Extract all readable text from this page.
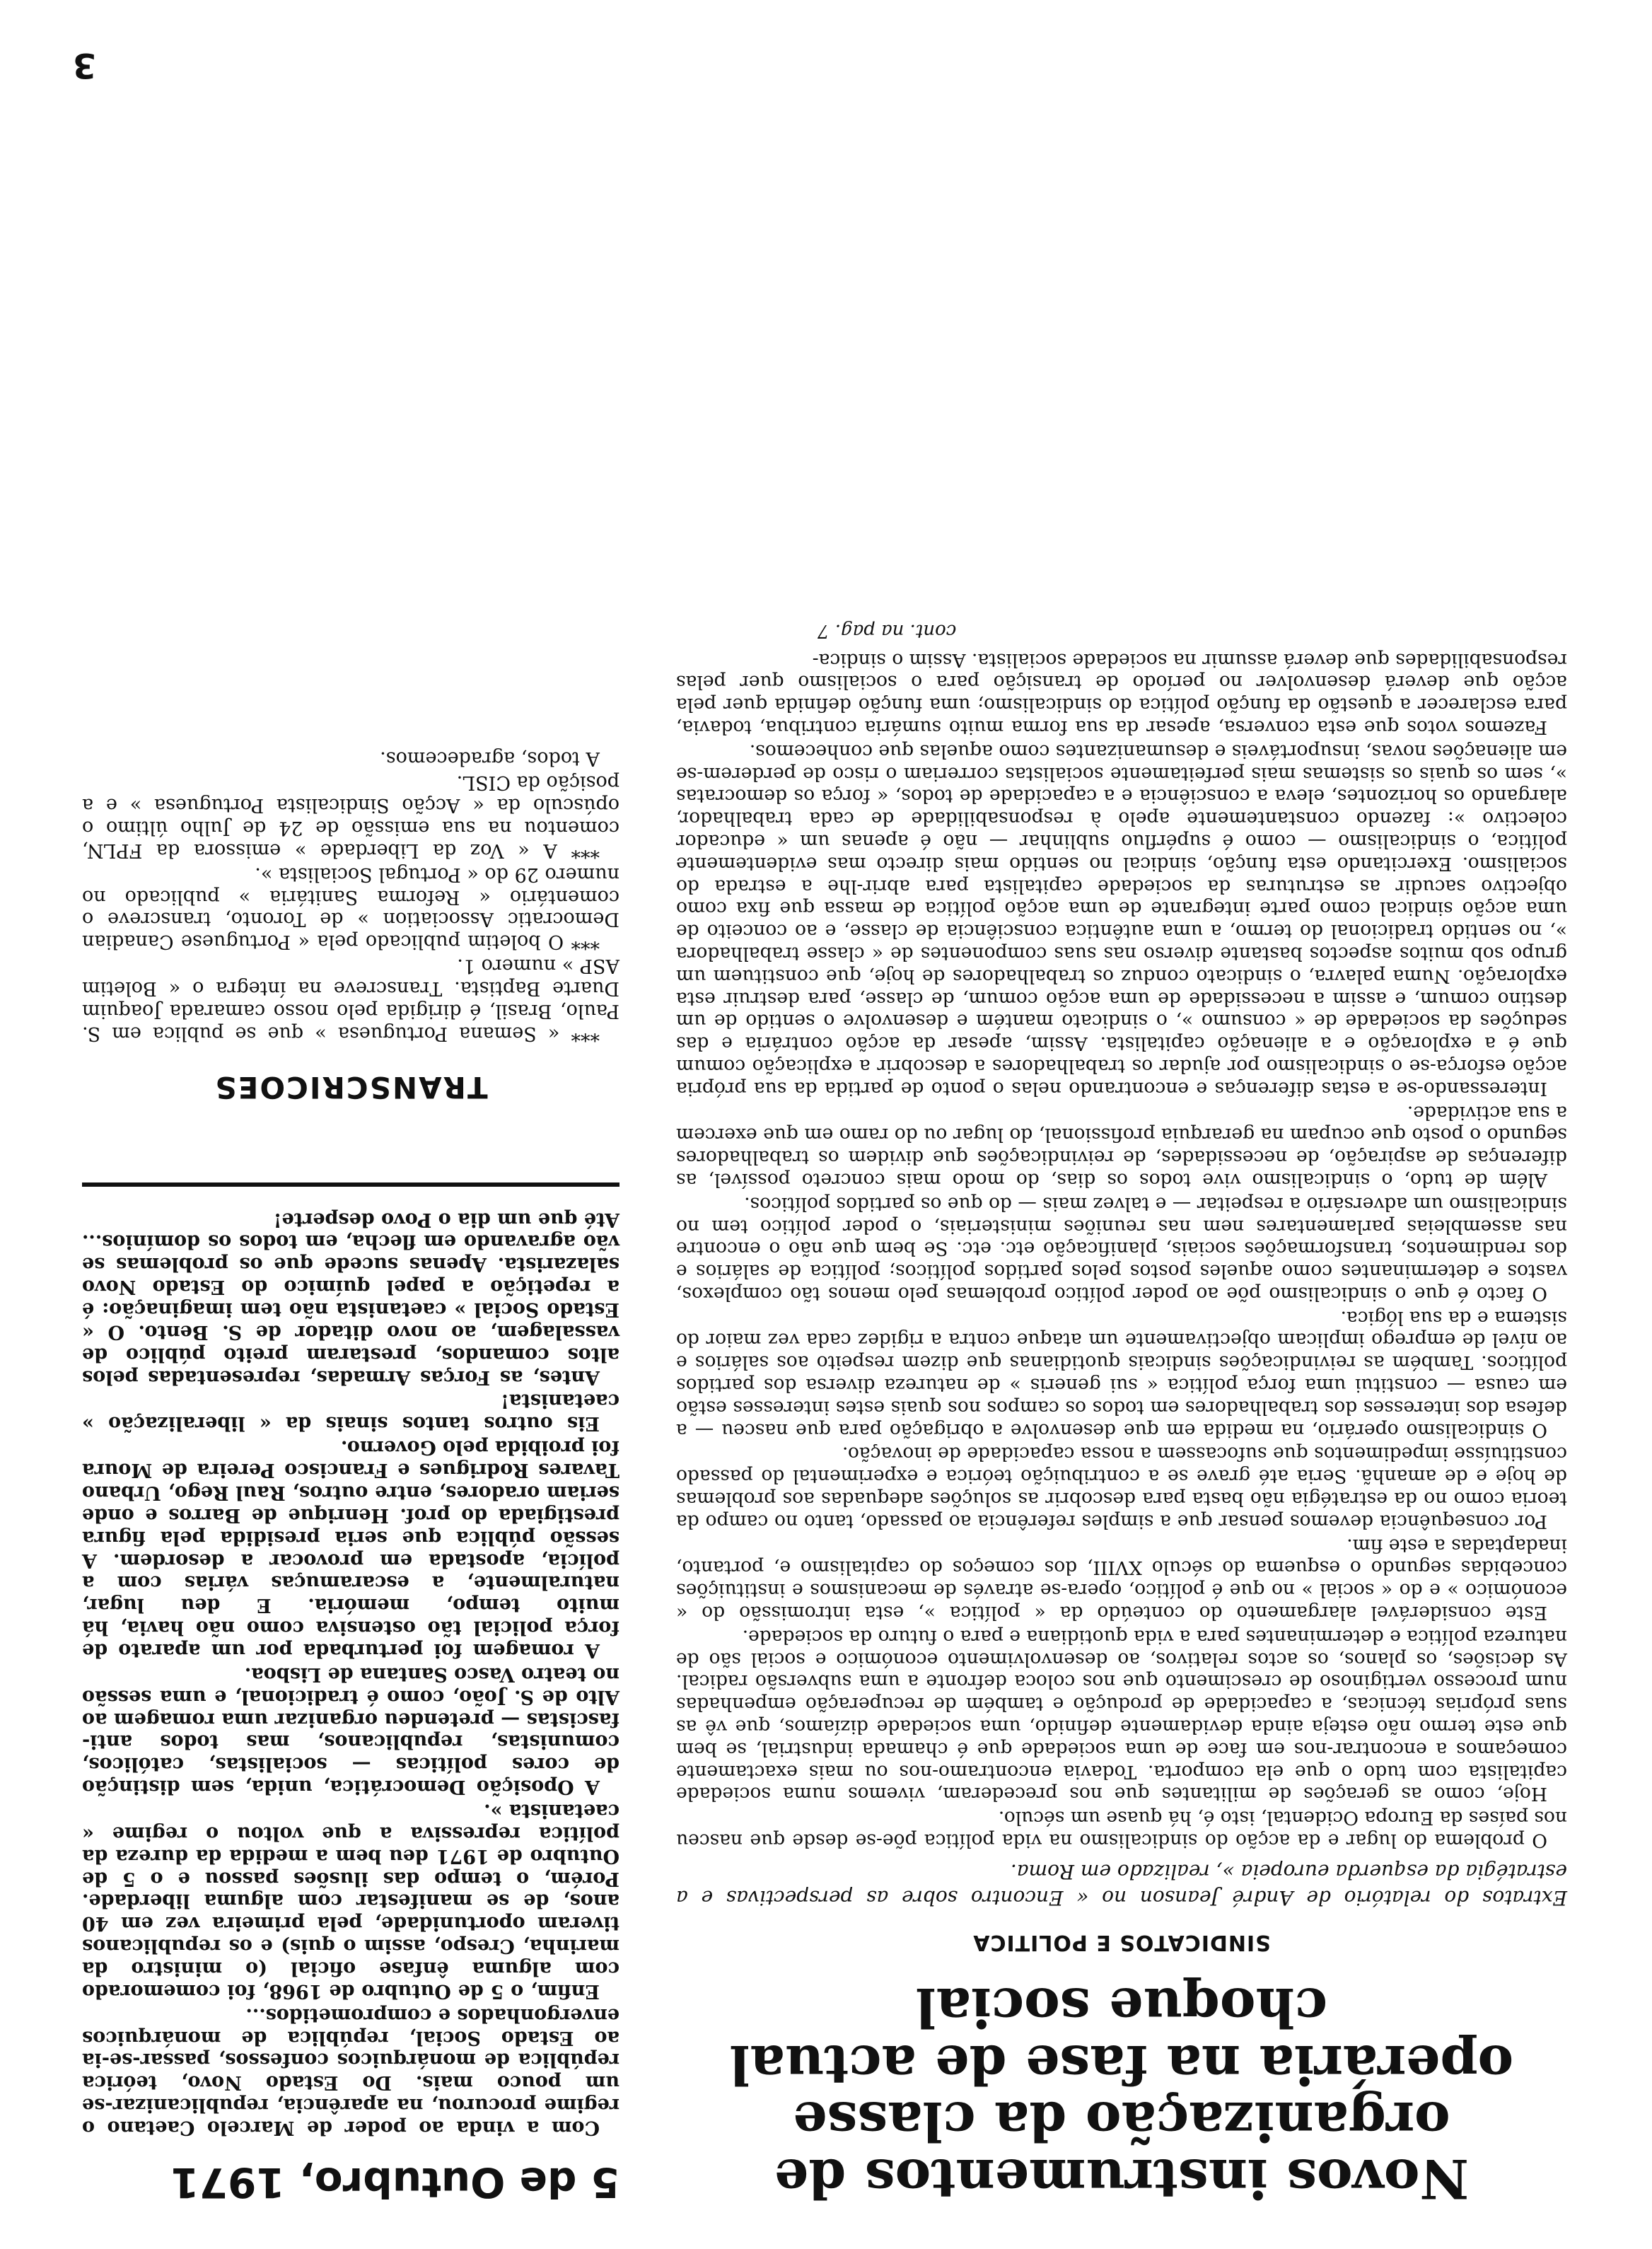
3
Novos instrumentos de organização da classe operária na fase de actual choque social
SINDICATOS E POLITICA

Extratos do relatório de André Jeanson no « Encontro sobre as perspectivas e a estratégia da esquerda europeia », realizado em Roma.

O problema do lugar e da acção do sindicalismo na vida política põe-se desde que nasceu nos países da Europa Ocidental, isto é, há quase um século.

Hoje, como as gerações de militantes que nos precederam, vivemos numa sociedade capitalista com tudo o que ela comporta. Todavia encontramo-nos ou mais exactamente começamos a encontrar-nos em face de uma sociedade que é chamada industrial, se bem que este termo não esteja ainda devidamente definido, uma sociedade dizíamos, que vê as suas próprias técnicas, a capacidade de produção e também de recuperação empenhadas num processo vertiginoso de crescimento que nos coloca defronte a uma subversão radical. As decisões, os planos, os actos relativos, ao desenvolvimento económico e social são de natureza política e determinantes para a vida quotidiana e para o futuro da sociedade.

Este considerável alargamento do conteúdo da « política », esta intromissão do « económico » e do « social » no que é político, opera-se através de mecanismos e instituições concebidas segundo o esquema do século XVIII, dos começos do capitalismo e, portanto, inadaptadas a este fim.

Por consequência devemos pensar que a simples referência ao passado, tanto no campo da teoria como no da estratégia não basta para descobrir as soluções adequadas aos problemas de hoje e de amanhã. Seria até grave se a contribuição teórica e experimental do passado constituísse impedimentos que sufocassem a nossa capacidade de inovação.

O sindicalismo operário, na medida em que desenvolve a obrigação para que nasceu — a defesa dos interesses dos trabalhadores em todos os campos nos quais estes interesses estão em causa — constitui uma força política « sui generis » de natureza diversa dos partidos políticos. Também as reivindicações sindicais quotidianas que dizem respeito aos salários e ao nível de emprego implicam objectivamente um ataque contra a rigidez cada vez maior do sistema e da sua lógica.

O facto é que o sindicalismo põe ao poder político problemas pelo menos tão complexos, vastos e determinantes como aqueles postos pelos partidos políticos; política de salários e dos rendimentos, transformações sociais, planificação etc. etc. Se bem que não o encontre nas assembleias parlamentares nem nas reuniões ministeriais, o poder político tem no sindicalismo um adversário a respeitar — e talvez mais — do que os partidos políticos.

Além de tudo, o sindicalismo vive todos os dias, do modo mais concreto possível, as diferenças de aspiração, de necessidades, de reivindicações que dividem os trabalhadores segundo o posto que ocupam na gerarquia profissional, do lugar ou do ramo em que exercem a sua actividade.

Interessando-se a estas diferenças e encontrando nelas o ponto de partida da sua própria acção esforça-se o sindicalismo por ajudar os trabalhadores a descobrir a explicação comum que é a exploração e a alienação capitalista. Assim, apesar da acção contrária e das seduções da sociedade de « consumo », o sindicato mantém e desenvolve o sentido de um destino comum, e assim a necessidade de uma acção comum, de classe, para destruir esta exploração. Numa palavra, o sindicato conduz os trabalhadores de hoje, que constituem um grupo sob muitos aspectos bastante diverso nas suas componentes de « classe trabalhadora », no sentido tradicional do termo, a uma autêntica consciência de classe, e ao conceito de uma acção sindical como parte integrante de uma acção política de massa que fixa como objectivo sacudir as estruturas da sociedade capitalista para abrir-lhe a estrada do socialismo. Exercitando esta função, sindical no sentido mais directo mas evidentemente política, o sindicalismo — como é supérfluo sublinhar — não é apenas um « educador colectivo »: fazendo constantemente apelo à responsabilidade de cada trabalhador, alargando os horizontes, eleva a consciência e a capacidade de todos, « força os democratas », sem os quais os sistemas mais perfeitamente socialistas correriam o risco de perderem-se em alienações novas, insuportáveis e desumanizantes como aquelas que conhecemos.

Fazemos votos que esta conversa, apesar da sua forma muito sumária contribua, todavia, para esclarecer a questão da função política do sindicalismo; uma função definida quer pela acção que deverá desenvolver no período de transição para o socialismo quer pelas responsabilidades que deverá assumir na sociedade socialista. Assim o sindica-

cont. na pag. 7
5 de Outubro, 1971

Com a vinda ao poder de Marcelo Caetano o regime procurou, na aparência, republicanizar-se um pouco mais. Do Estado Novo, teórica república de monárquicos confessos, passar-se-ia ao Estado Social, república de monárquicos envergonhados e comprometidos...

Enfim, o 5 de Outubro de 1968, foi comemorado com alguma ênfase oficial (o ministro da marinha, Crespo, assim o quis) e os republicanos tiveram oportunidade, pela primeira vez em 40 anos, de se manifestar com alguma liberdade. Porém, o tempo das ilusões passou e o 5 de Outubro de 1971 deu bem a medida da dureza da política repressiva a que voltou o regime « caetanista ».

A Oposição Democrática, unida, sem distinção de cores políticas — socialistas, católicos, comunistas, republicanos, mas todos anti-fascistas — pretendeu organizar uma romagem ao Alto de S. João, como é tradicional, e uma sessão no teatro Vasco Santana de Lisboa.

A romagem foi perturbada por um aparato de força policial tão ostensiva como não havia, há muito tempo, memória. E deu lugar, naturalmente, a escaramuças várias com a polícia, apostada em provocar a desordem. A sessão pública que seria presidida pela figura prestigiada do prof. Henrique de Barros e onde seriam oradores, entre outros, Raul Rego, Urbano Tavares Rodrigues e Francisco Pereira de Moura foi proibida pelo Governo.

Eis outros tantos sinais da « liberalização » caetanista!

Antes, as Forças Armadas, representadas pelos altos comandos, prestaram preito público de vassalagem, ao novo ditador de S. Bento. O « Estado Social » caetanista não tem imaginação: é a repetição a papel químico do Estado Novo salazarista. Apenas sucede que os problemas se vão agravando em flecha, em todos os domínios... Até que um dia o Povo desperte!

TRANSCRICOES

*** « Semana Portuguesa » que se publica em S. Paulo, Brasil, é dirigida pelo nosso camarada Joaquim Duarte Baptista. Transcreve na íntegra o « Boletim ASP » numero 1.

*** O boletim publicado pela « Portuguese Canadian Democratic Association » de Toronto, transcreve o comentário « Reforma Sanitária » publicado no numero 29 do « Portugal Socialista ».

*** A « Voz da Liberdade » emissora da FPLN, comentou na sua emissão de 24 de Julho último o opúsculo da « Acção Sindicalista Portuguesa » e a posição da CISL.

A todos, agradecemos.
